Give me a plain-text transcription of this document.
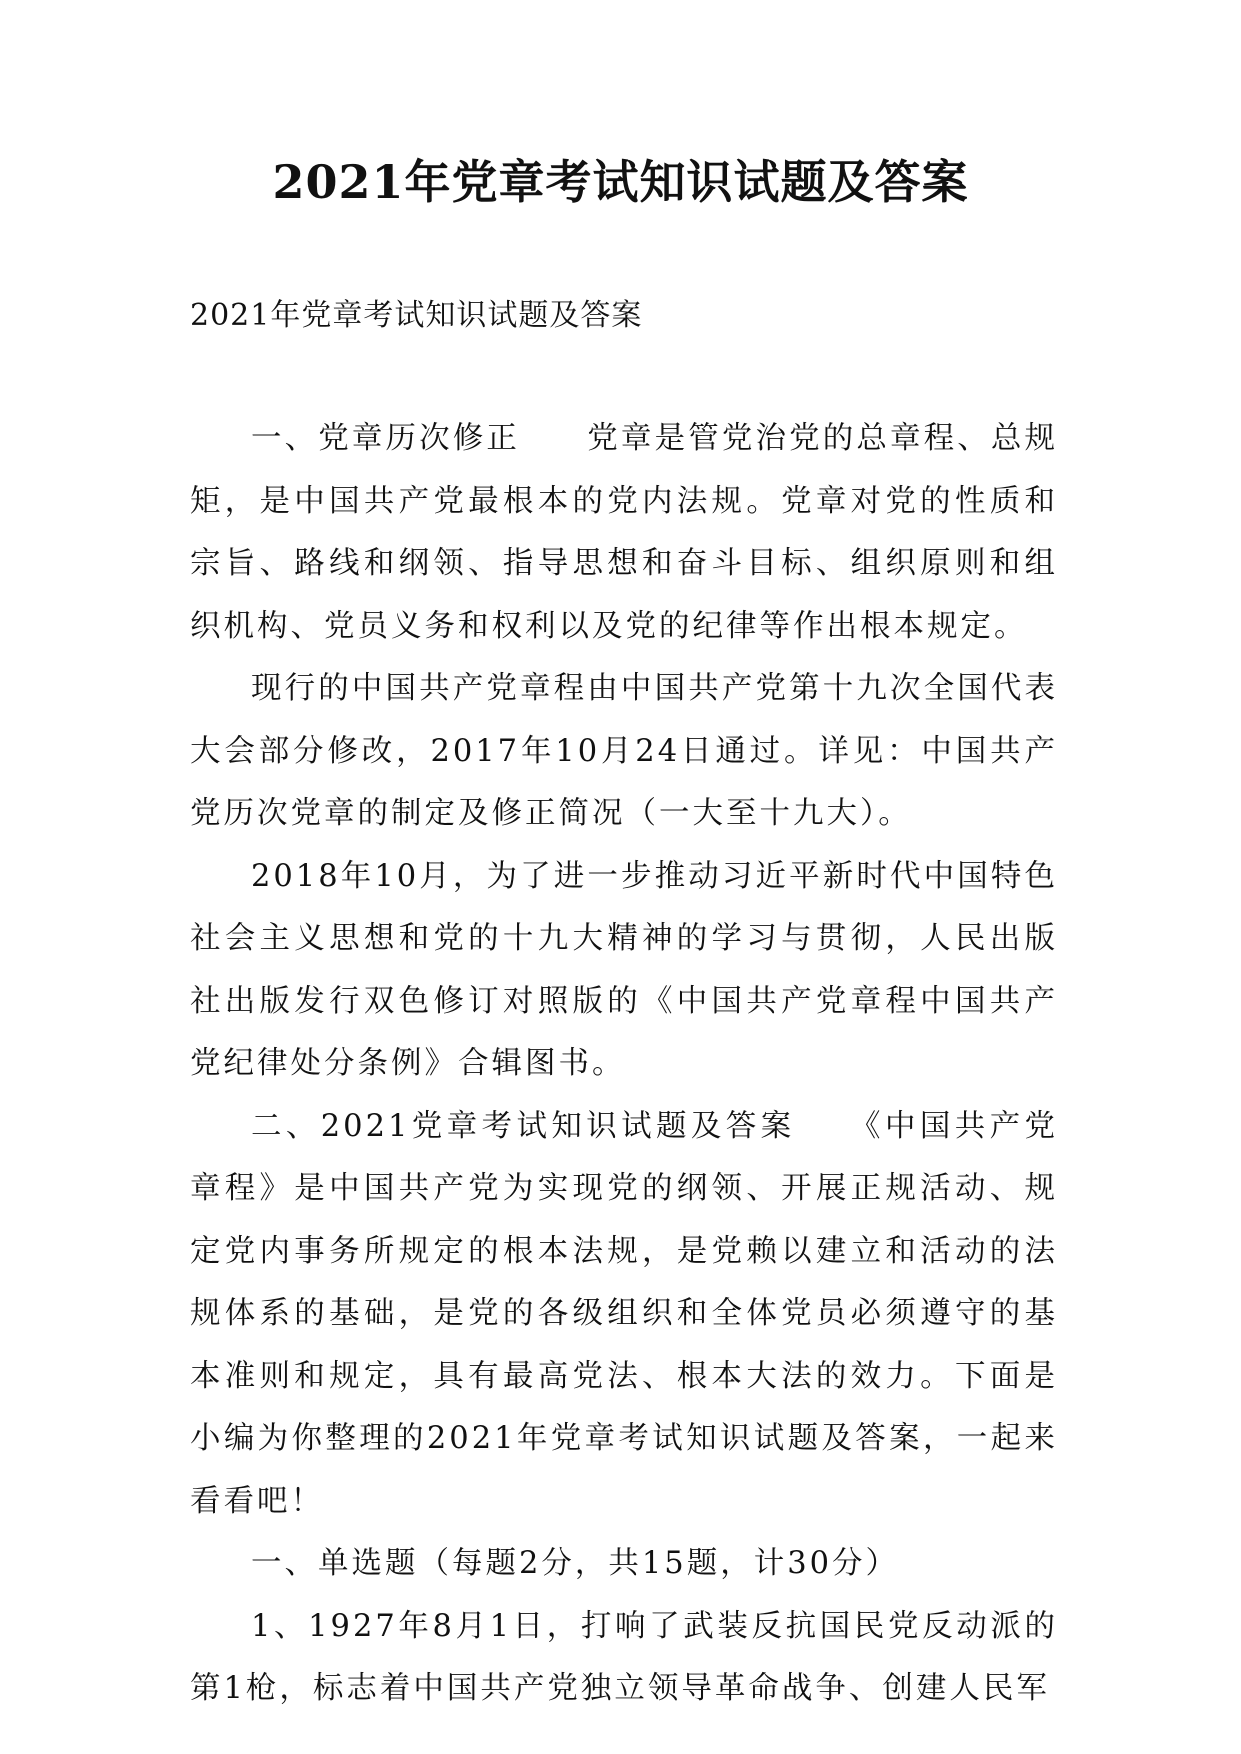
2021年党章考试知识试题及答案

2021年党章考试知识试题及答案

一、党章历次修正　　党章是管党治党的总章程、总规矩，是中国共产党最根本的党内法规。党章对党的性质和宗旨、路线和纲领、指导思想和奋斗目标、组织原则和组织机构、党员义务和权利以及党的纪律等作出根本规定。

现行的中国共产党章程由中国共产党第十九次全国代表大会部分修改，2017年10月24日通过。详见：中国共产党历次党章的制定及修正简况（一大至十九大）。

2018年10月，为了进一步推动习近平新时代中国特色社会主义思想和党的十九大精神的学习与贯彻，人民出版社出版发行双色修订对照版的《中国共产党章程中国共产党纪律处分条例》合辑图书。

二、2021党章考试知识试题及答案　　《中国共产党章程》是中国共产党为实现党的纲领、开展正规活动、规定党内事务所规定的根本法规，是党赖以建立和活动的法规体系的基础，是党的各级组织和全体党员必须遵守的基本准则和规定，具有最高党法、根本大法的效力。下面是小编为你整理的2021年党章考试知识试题及答案，一起来看看吧！

一、单选题（每题2分，共15题，计30分）

1、1927年8月1日，打响了武装反抗国民党反动派的第1枪，标志着中国共产党独立领导革命战争、创建人民军
